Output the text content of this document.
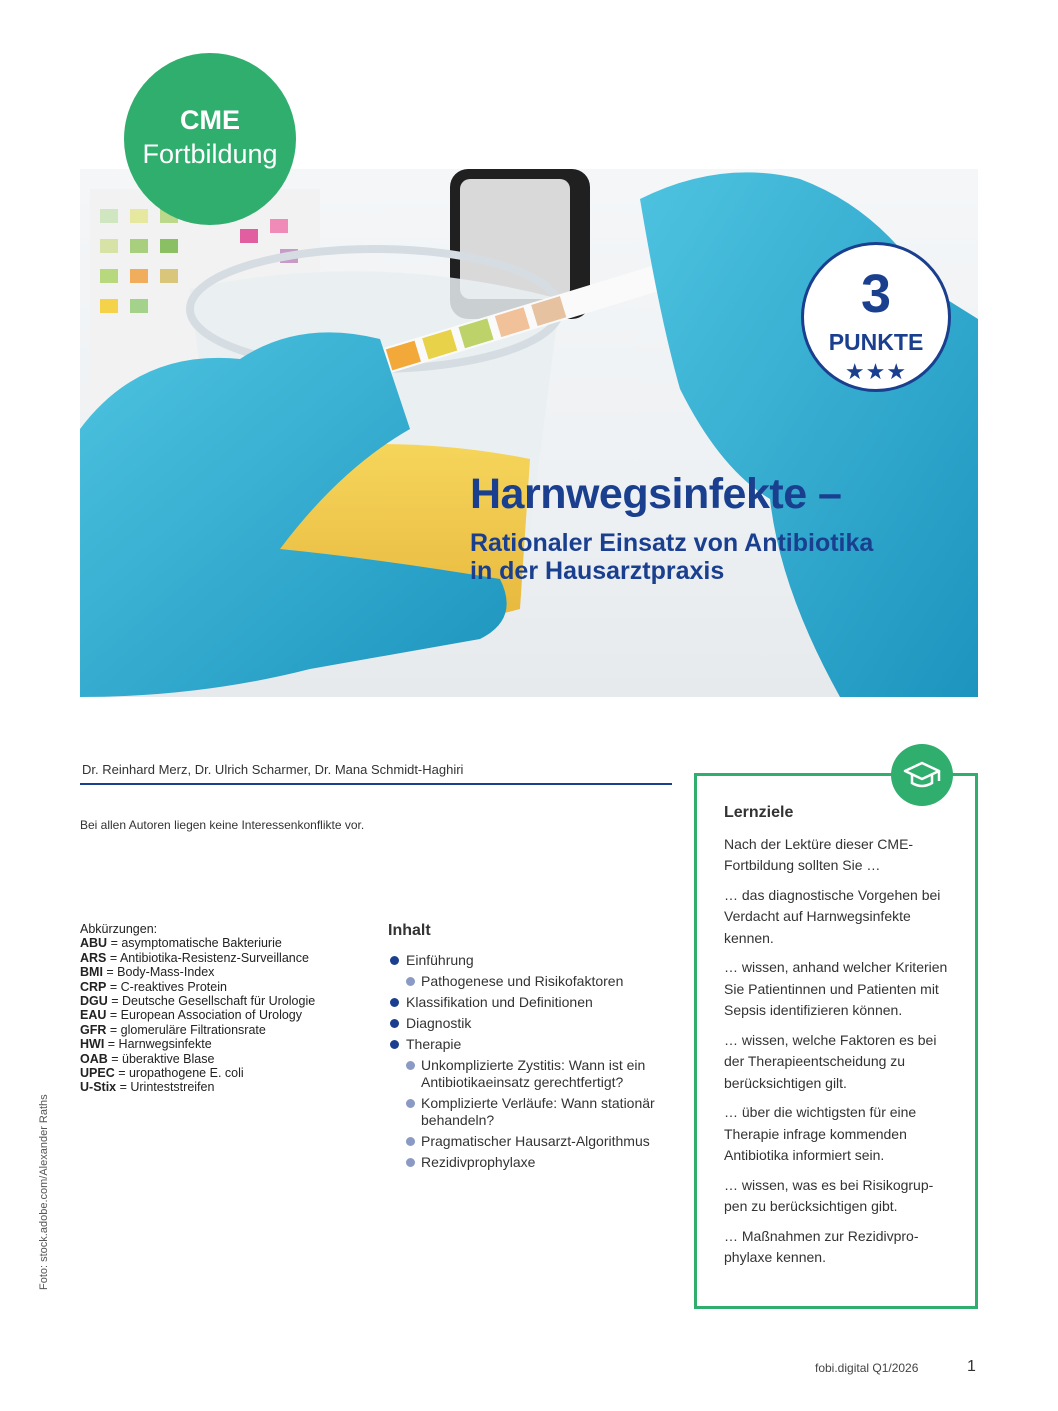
CME
Fortbildung
3
PUNKTE
★★★
Harnwegsinfekte –
Rationaler Einsatz von Antibiotika
in der Hausarztpraxis
Dr. Reinhard Merz, Dr. Ulrich Scharmer, Dr. Mana Schmidt-Haghiri
Bei allen Autoren liegen keine Interessenkonflikte vor.
Abkürzungen:
ABU = asymptomatische Bakteriurie
ARS = Antibiotika-Resistenz-Surveillance
BMI = Body-Mass-Index
CRP = C-reaktives Protein
DGU = Deutsche Gesellschaft für Urologie
EAU = European Association of Urology
GFR = glomeruläre Filtrationsrate
HWI = Harnwegsinfekte
OAB = überaktive Blase
UPEC = uropathogene E. coli
U-Stix = Urinteststreifen
Inhalt
Einführung
Pathogenese und Risikofaktoren
Klassifikation und Definitionen
Diagnostik
Therapie
Unkomplizierte Zystitis: Wann ist ein Antibiotikaeinsatz gerechtfertigt?
Komplizierte Verläufe: Wann stationär behandeln?
Pragmatischer Hausarzt-Algorithmus
Rezidivprophylaxe
Lernziele

Nach der Lektüre dieser CME-Fortbildung sollten Sie …

… das diagnostische Vorgehen bei Verdacht auf Harnwegsinfekte kennen.

… wissen, anhand welcher Kriterien Sie Patientinnen und Patienten mit Sepsis identifizieren können.

… wissen, welche Faktoren es bei der Therapieentscheidung zu berücksichtigen gilt.

… über die wichtigsten für eine Therapie infrage kommenden Antibiotika informiert sein.

… wissen, was es bei Risikogruppen zu berücksichtigen gibt.

… Maßnahmen zur Rezidivprophylaxe kennen.

Foto: stock.adobe.com/Alexander Raths
fobi.digital Q1/2026	1
